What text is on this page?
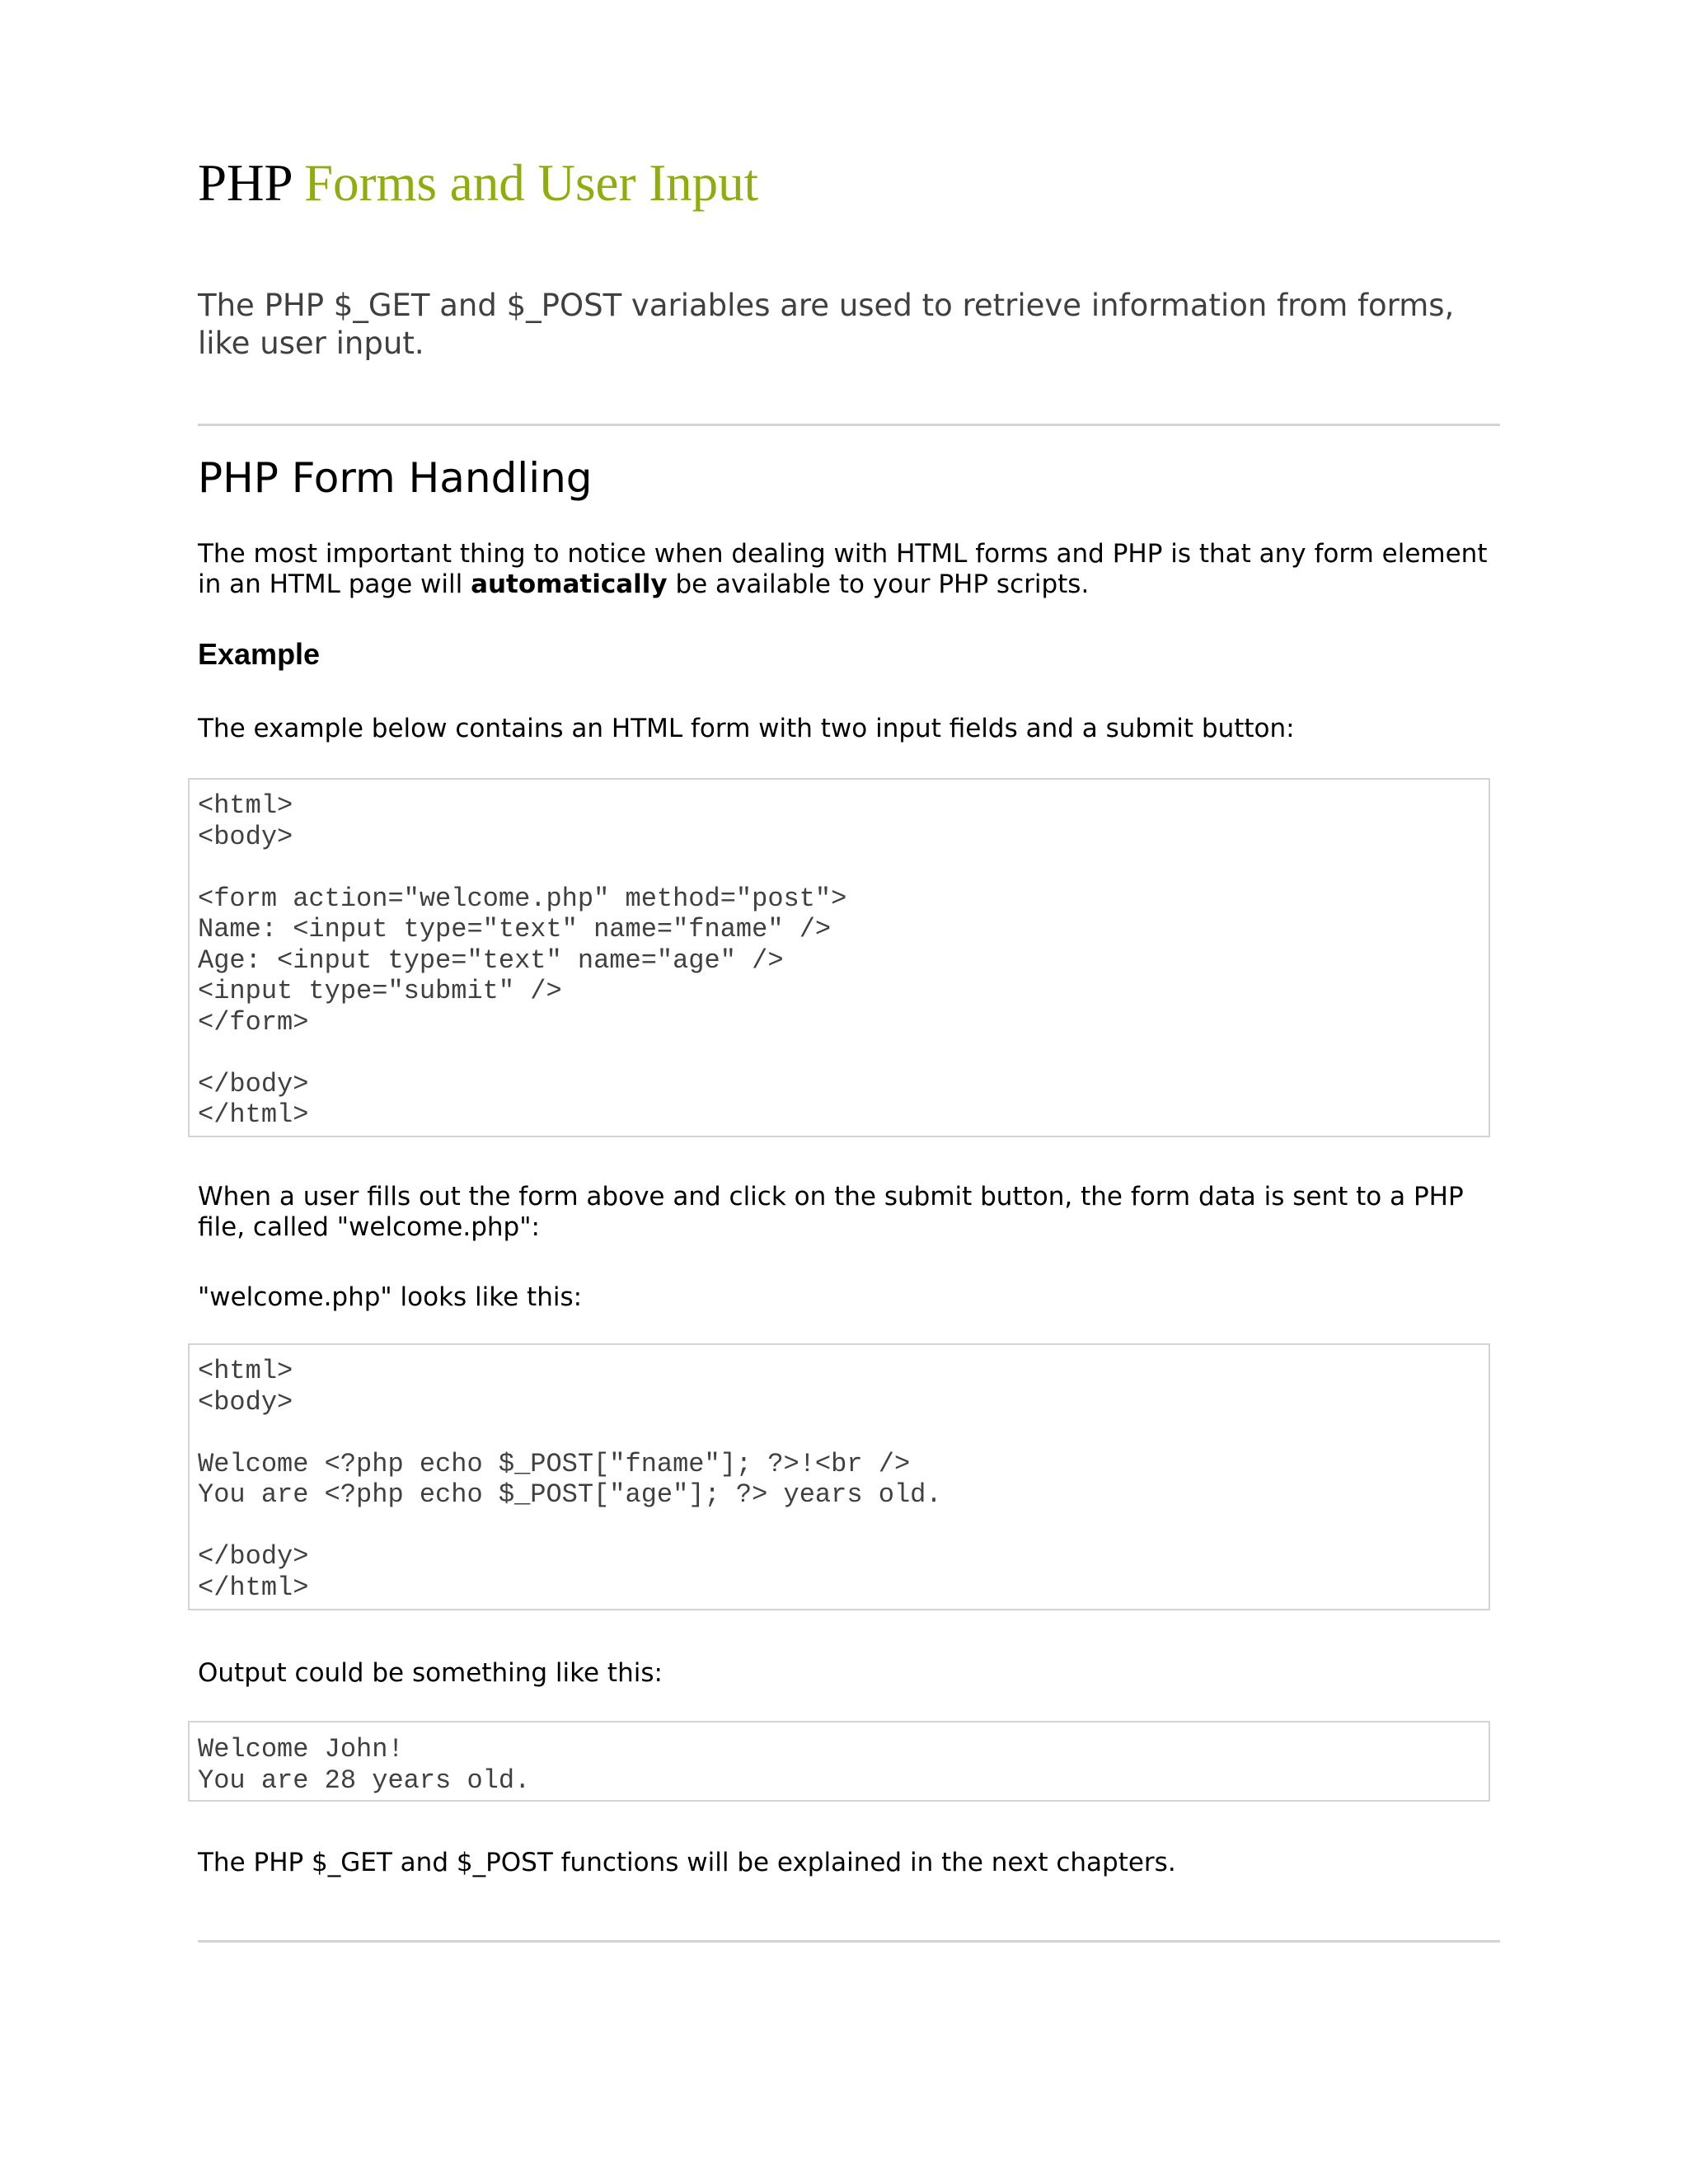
PHP Forms and User Input

The PHP $_GET and $_POST variables are used to retrieve information from forms, like user input.

PHP Form Handling

The most important thing to notice when dealing with HTML forms and PHP is that any form element in an HTML page will automatically be available to your PHP scripts.

Example

The example below contains an HTML form with two input fields and a submit button:

<html>
<body>
<form action="welcome.php" method="post">
Name: <input type="text" name="fname" />
Age: <input type="text" name="age" />
<input type="submit" />
</form>
</body>
</html>

When a user fills out the form above and click on the submit button, the form data is sent to a PHP file, called "welcome.php":

"welcome.php" looks like this:

<html>
<body>
Welcome <?php echo $_POST["fname"]; ?>!<br />
You are <?php echo $_POST["age"]; ?> years old.
</body>
</html>

Output could be something like this:

Welcome John!
You are 28 years old.

The PHP $_GET and $_POST functions will be explained in the next chapters.
